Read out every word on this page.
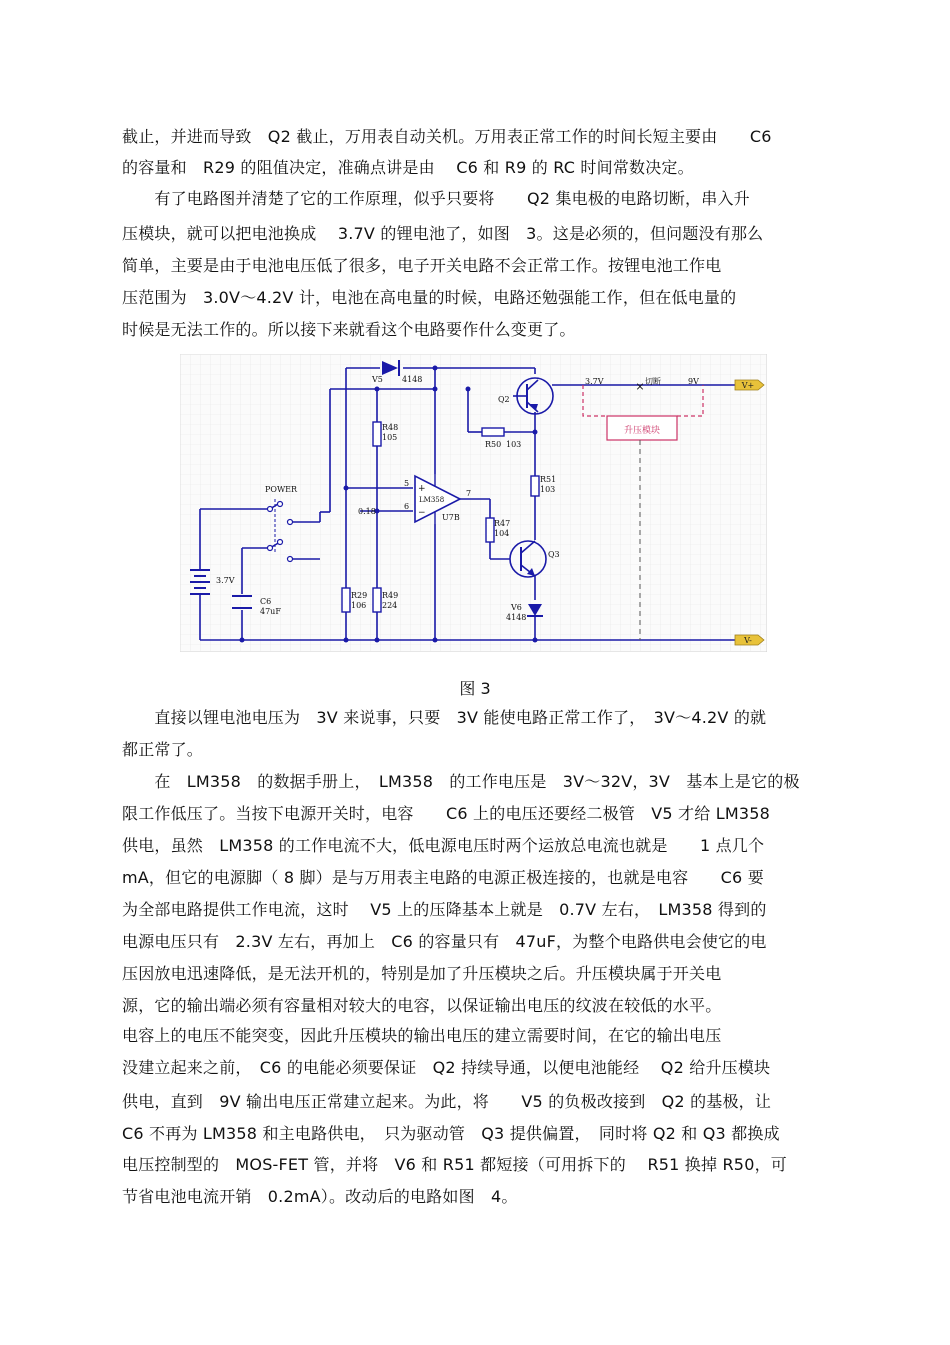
截止，并进而导致　Q2 截止，万用表自动关机。万用表正常工作的时间长短主要由　　C6
的容量和　R29 的阻值决定，准确点讲是由　 C6 和 R9 的 RC 时间常数决定。
　　有了电路图并清楚了它的工作原理，似乎只要将　　Q2 集电极的电路切断，串入升
压模块，就可以把电池换成　 3.7V 的锂电池了，如图　3。这是必须的，但问题没有那么
简单，主要是由于电池电压低了很多，电子开关电路不会正常工作。按锂电池工作电
压范围为　3.0V～4.2V 计，电池在高电量的时候，电路还勉强能工作，但在低电量的
时候是无法工作的。所以接下来就看这个电路要作什么变更了。
升压模块
V+
V-
×
V5 4148
R48
105
Q2
R50 103
3.7V	切断	9V
POWER
R51
103
LM358
U7B
5
6
7
0.18
+
−
R47
104
Q3
3.7V
C6
47uF
R29
106
R49
224	V6
4148
图 3
　　直接以锂电池电压为　3V 来说事，只要　3V 能使电路正常工作了，　3V～4.2V 的就
都正常了。
　　在　LM358　的数据手册上，　LM358　的工作电压是　3V～32V，3V　基本上是它的极
限工作低压了。当按下电源开关时，电容　　C6 上的电压还要经二极管　V5 才给 LM358
供电，虽然　LM358 的工作电流不大，低电源电压时两个运放总电流也就是　　1 点几个
mA，但它的电源脚（ 8 脚）是与万用表主电路的电源正极连接的，也就是电容　　C6 要
为全部电路提供工作电流，这时　 V5 上的压降基本上就是　0.7V 左右，　LM358 得到的
电源电压只有　2.3V 左右，再加上　C6 的容量只有　47uF，为整个电路供电会使它的电
压因放电迅速降低，是无法开机的，特别是加了升压模块之后。升压模块属于开关电
源，它的输出端必须有容量相对较大的电容，以保证输出电压的纹波在较低的水平。
电容上的电压不能突变，因此升压模块的输出电压的建立需要时间，在它的输出电压
没建立起来之前，　C6 的电能必须要保证　Q2 持续导通，以便电池能经　 Q2 给升压模块
供电，直到　9V 输出电压正常建立起来。为此，将　　V5 的负极改接到　Q2 的基极，让
C6 不再为 LM358 和主电路供电，　只为驱动管　Q3 提供偏置，　同时将 Q2 和 Q3 都换成
电压控制型的　MOS-FET 管，并将　V6 和 R51 都短接（可用拆下的　 R51 换掉 R50，可
节省电池电流开销　0.2mA）。改动后的电路如图　4。
